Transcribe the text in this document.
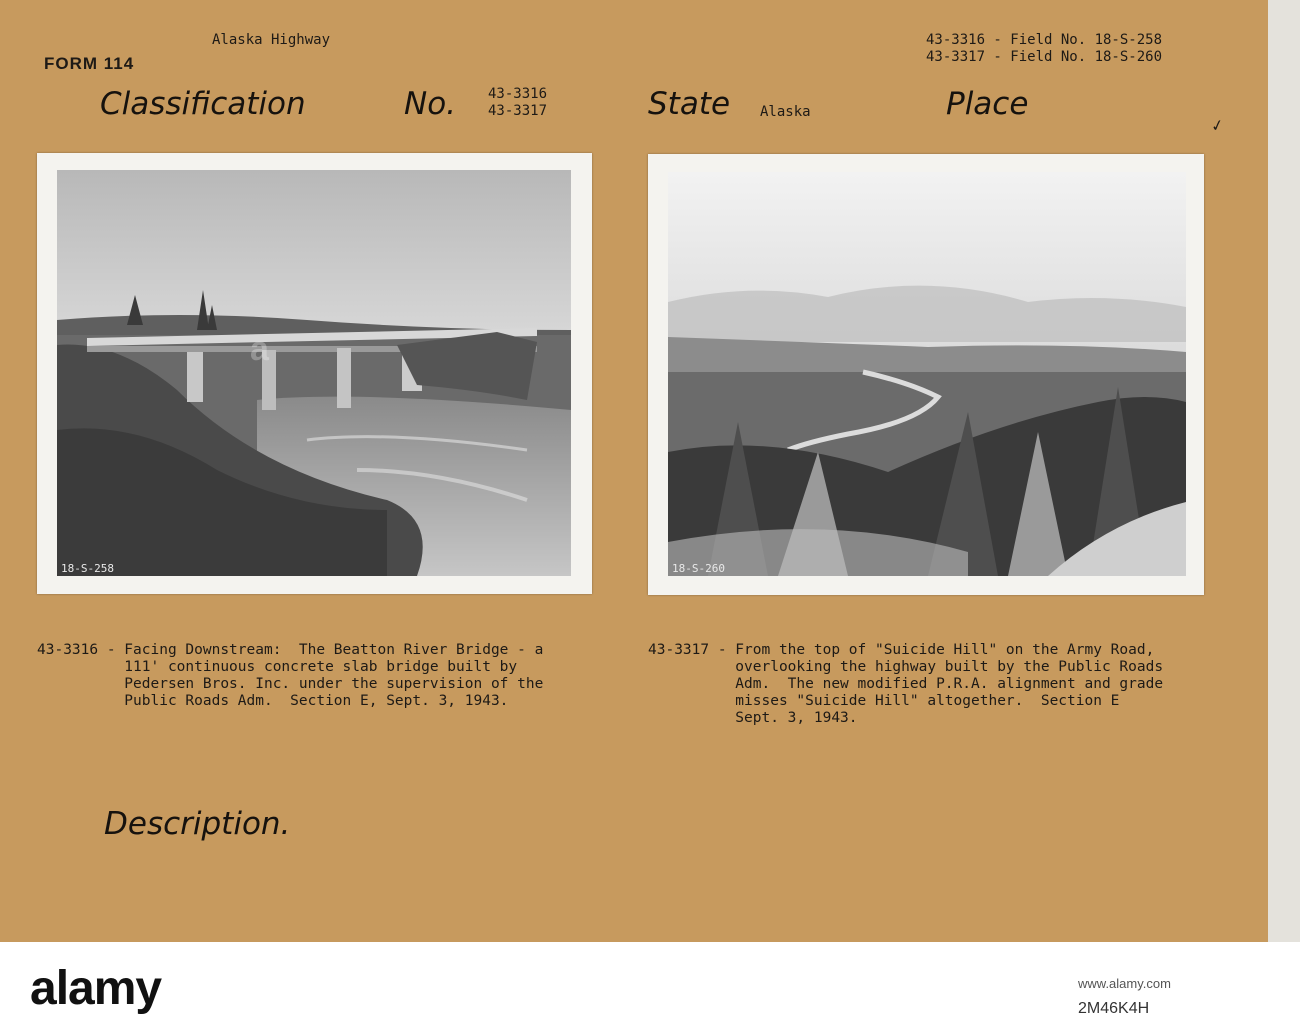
Alaska Highway
FORM 114
43-3316 - Field No. 18-S-258
43-3317 - Field No. 18-S-260
Classification	No. 43-3316
43-3317	State Alaska	Place
✓
18-S-258	18-S-260
43-3316 - Facing Downstream:  The Beatton River Bridge - a
111' continuous concrete slab bridge built by
Pedersen Bros. Inc. under the supervision of the
Public Roads Adm.  Section E, Sept. 3, 1943.
43-3317 - From the top of "Suicide Hill" on the Army Road,
overlooking the highway built by the Public Roads
Adm.  The new modified P.R.A. alignment and grade
misses "Suicide Hill" altogether.  Section E
Sept. 3, 1943.
Description.
a
alamy	www.alamy.com
2M46K4H
